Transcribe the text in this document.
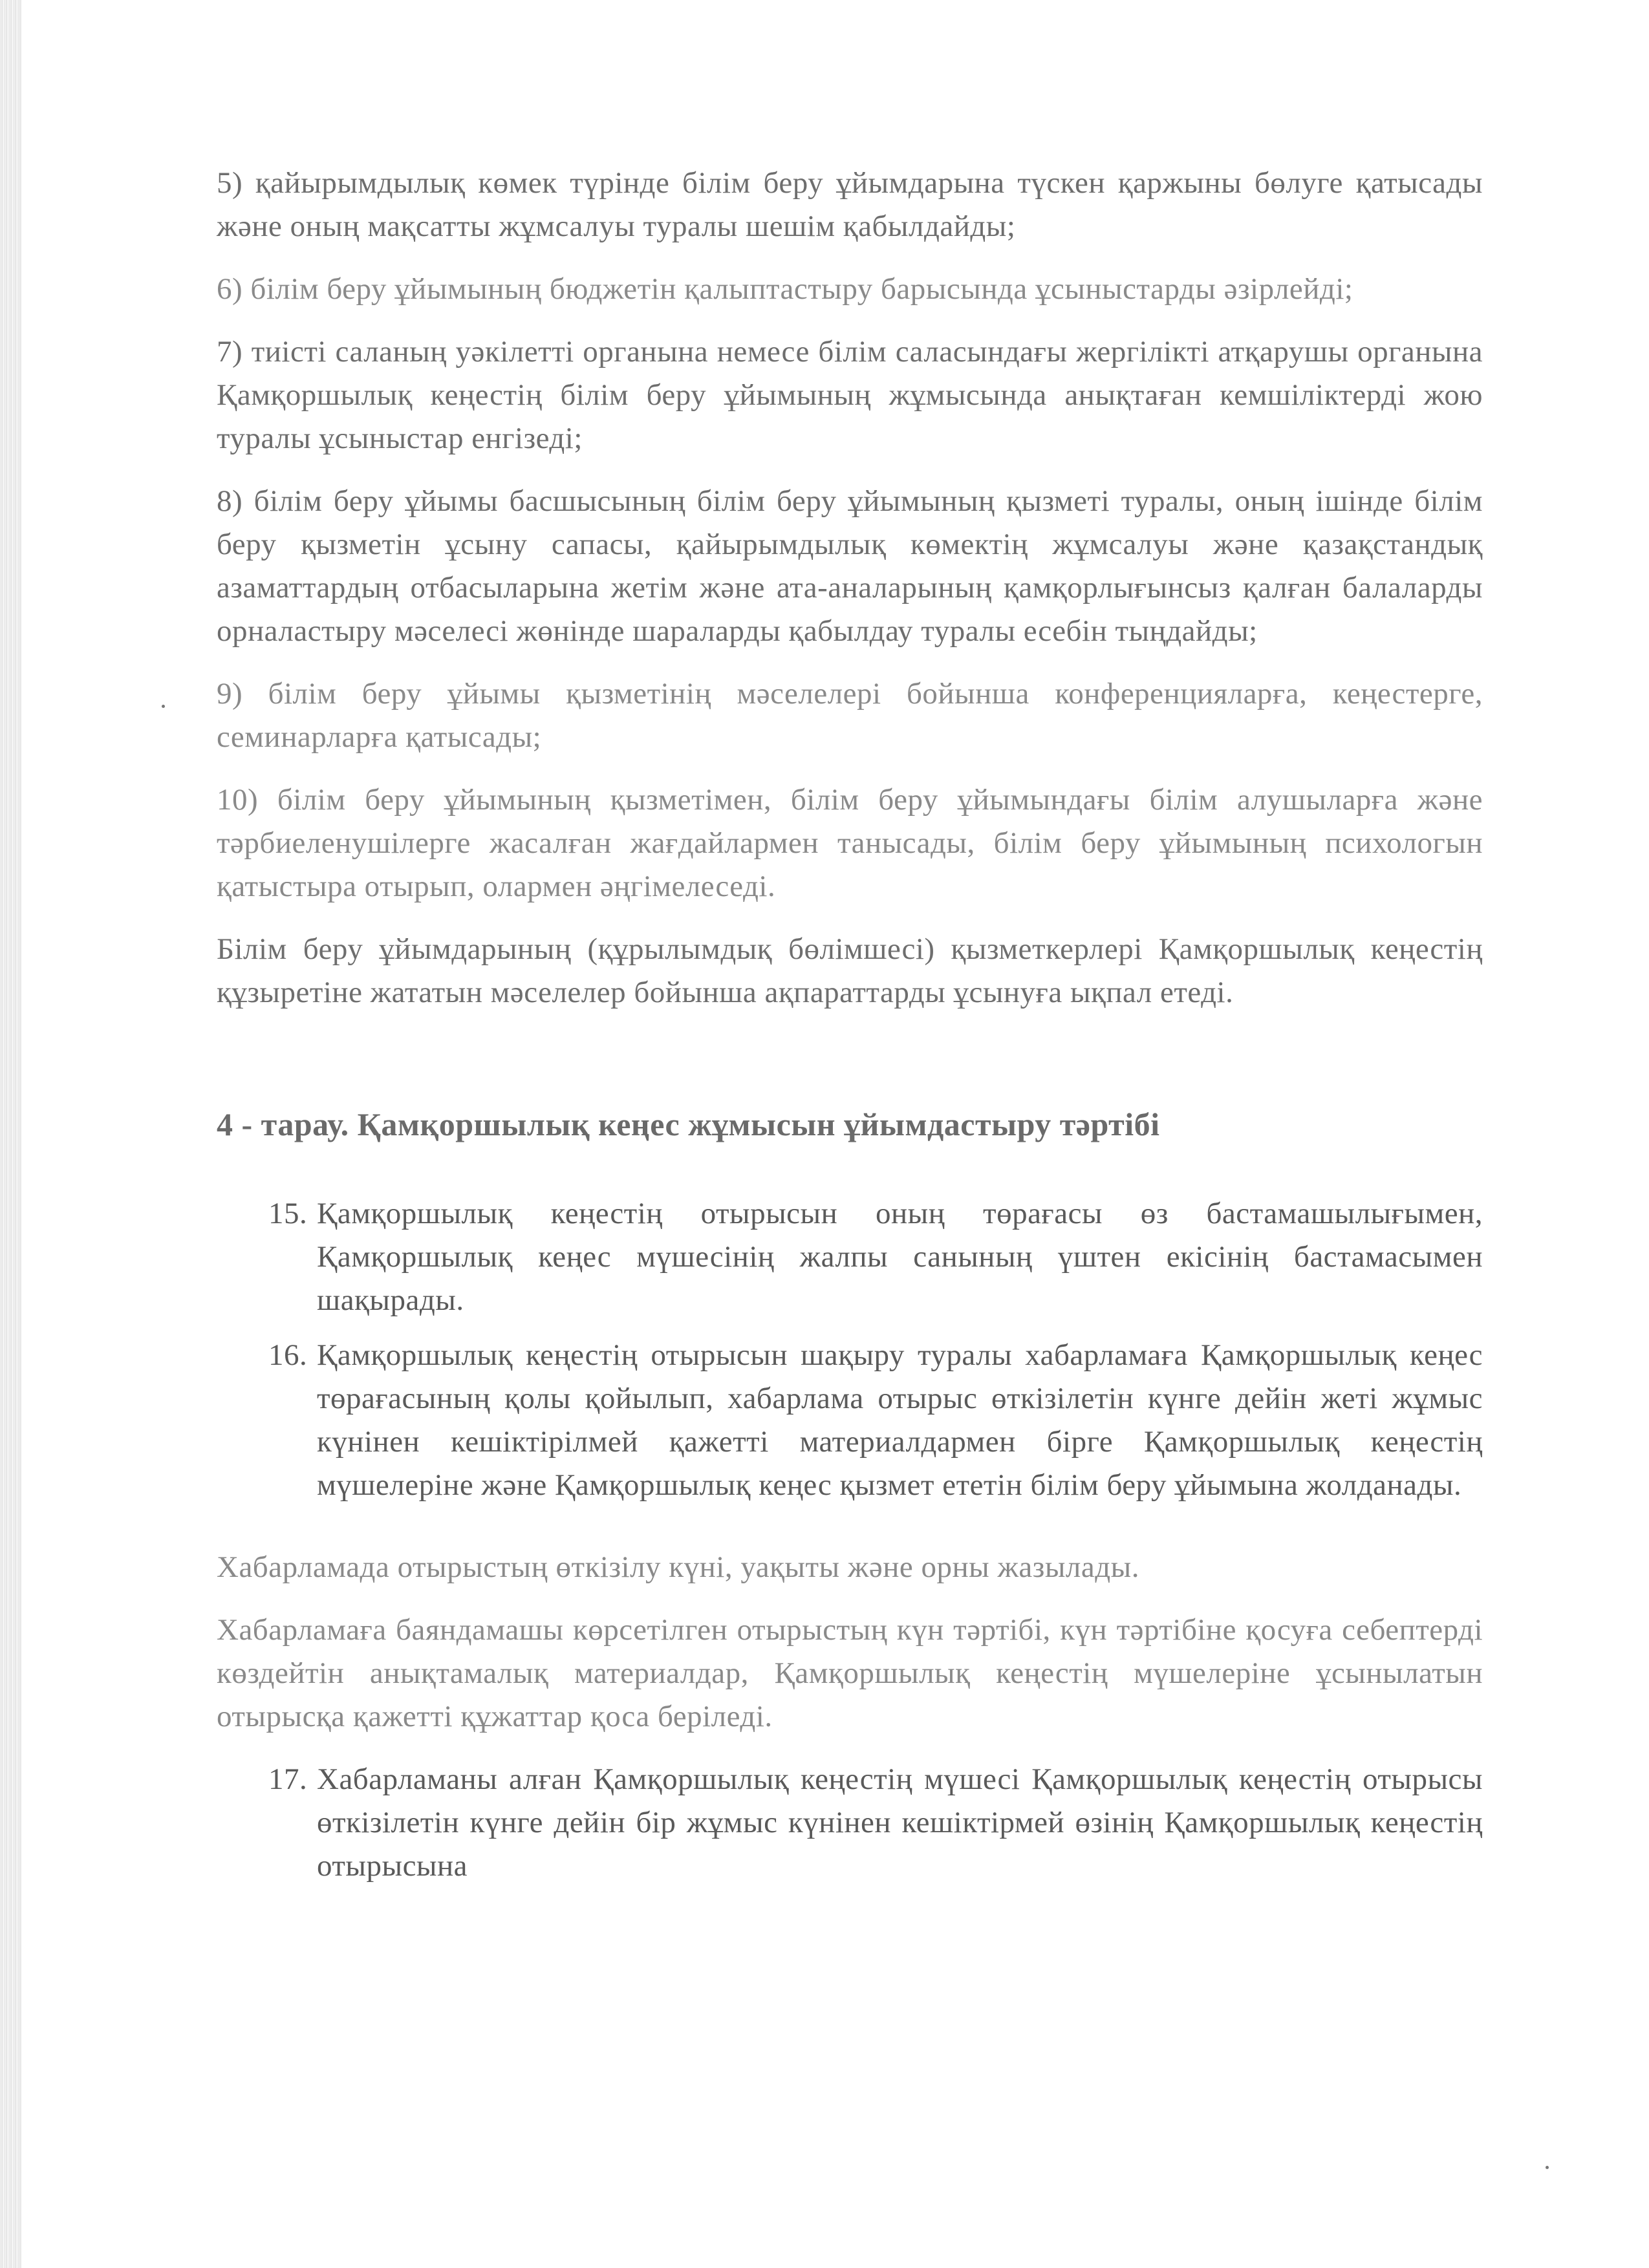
5) қайырымдылық көмек түрінде білім беру ұйымдарына түскен қаржыны бөлуге қатысады және оның мақсатты жұмсалуы туралы шешім қабылдайды;

6) білім беру ұйымының бюджетін қалыптастыру барысында ұсыныстарды әзірлейді;

7) тиісті саланың уәкілетті органына немесе білім саласындағы жергілікті атқарушы органына Қамқоршылық кеңестің білім беру ұйымының жұмысында анықтаған кемшіліктерді жою туралы ұсыныстар енгізеді;

8) білім беру ұйымы басшысының білім беру ұйымының қызметі туралы, оның ішінде білім беру қызметін ұсыну сапасы, қайырымдылық көмектің жұмсалуы және қазақстандық азаматтардың отбасыларына жетім және ата-аналарының қамқорлығынсыз қалған балаларды орналастыру мәселесі жөнінде шараларды қабылдау туралы есебін тыңдайды;

9) білім беру ұйымы қызметінің мәселелері бойынша конференцияларға, кеңестерге, семинарларға қатысады;

10) білім беру ұйымының қызметімен, білім беру ұйымындағы білім алушыларға және тәрбиеленушілерге жасалған жағдайлармен танысады, білім беру ұйымының психологын қатыстыра отырып, олармен әңгімелеседі.

Білім беру ұйымдарының (құрылымдық бөлімшесі) қызметкерлері Қамқоршылық кеңестің құзыретіне жататын мәселелер бойынша ақпараттарды ұсынуға ықпал етеді.

4 - тарау. Қамқоршылық кеңес жұмысын ұйымдастыру тәртібі
15. Қамқоршылық кеңестің отырысын оның төрағасы өз бастамашылығымен, Қамқоршылық кеңес мүшесінің жалпы санының үштен екісінің бастамасымен шақырады.
16. Қамқоршылық кеңестің отырысын шақыру туралы хабарламаға Қамқоршылық кеңес төрағасының қолы қойылып, хабарлама отырыс өткізілетін күнге дейін жеті жұмыс күнінен кешіктірілмей қажетті материалдармен бірге Қамқоршылық кеңестің мүшелеріне және Қамқоршылық кеңес қызмет ететін білім беру ұйымына жолданады.

Хабарламада отырыстың өткізілу күні, уақыты және орны жазылады.

Хабарламаға баяндамашы көрсетілген отырыстың күн тәртібі, күн тәртібіне қосуға себептерді көздейтін анықтамалық материалдар, Қамқоршылық кеңестің мүшелеріне ұсынылатын отырысқа қажетті құжаттар қоса беріледі.

17. Хабарламаны алған Қамқоршылық кеңестің мүшесі Қамқоршылық кеңестің отырысы өткізілетін күнге дейін бір жұмыс күнінен кешіктірмей өзінің Қамқоршылық кеңестің отырысына
